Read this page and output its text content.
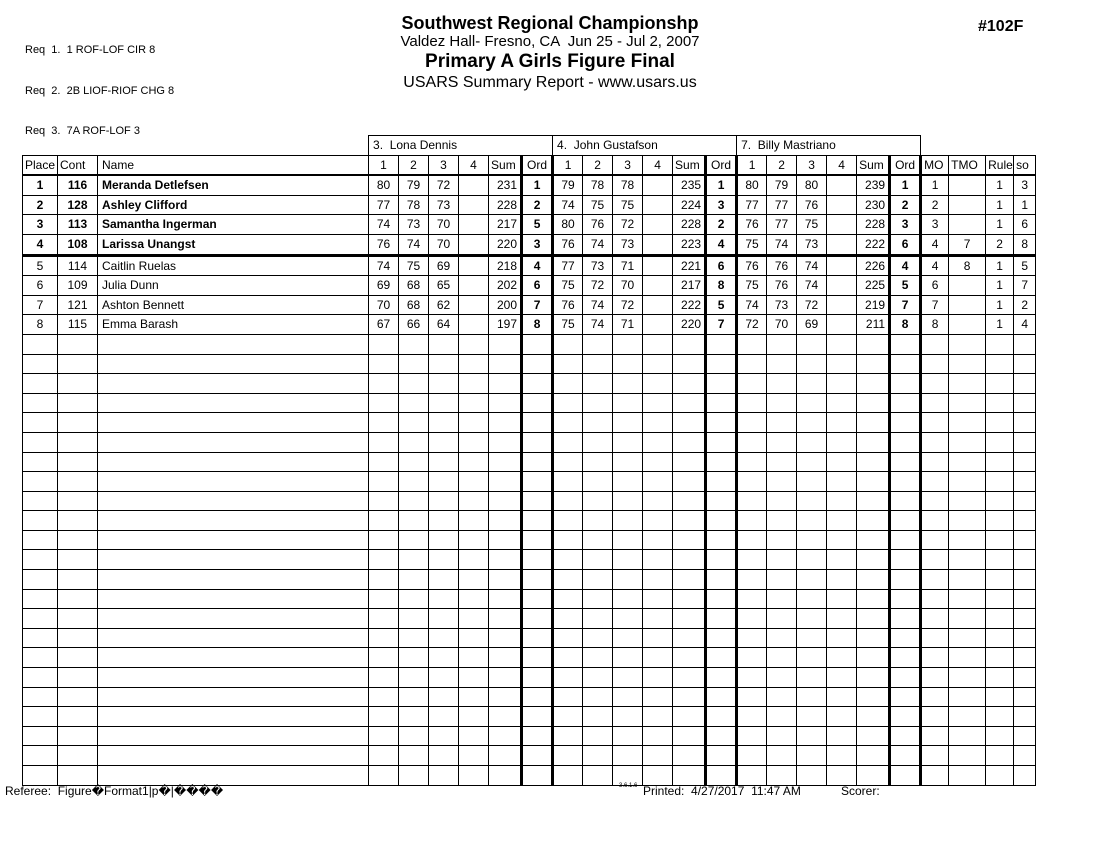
Req  1.  1 ROF-LOF CIR 8

Req  2.  2B LIOF-RIOF CHG 8

Req  3.  7A ROF-LOF 3

Southwest Regional Championshp
Valdez Hall- Fresno, CA  Jun 25 - Jul 2, 2007
Primary A Girls Figure Final
USARS Summary Report - www.usars.us
#102F
			3.  Lona Dennis						4.  John Gustafson						7.  Billy Mastriano									
Place	Cont	Name	1	2	3	4	Sum	Ord	1	2	3	4	Sum	Ord	1	2	3	4	Sum	Ord	MO	TMO	Rule	so
1	116	Meranda Detlefsen	80	79	72		231	1	79	78	78		235	1	80	79	80		239	1	1		1	3
2	128	Ashley Clifford	77	78	73		228	2	74	75	75		224	3	77	77	76		230	2	2		1	1
3	113	Samantha Ingerman	74	73	70		217	5	80	76	72		228	2	76	77	75		228	3	3		1	6
4	108	Larissa Unangst	76	74	70		220	3	76	74	73		223	4	75	74	73		222	6	4	7	2	8
5	114	Caitlin Ruelas	74	75	69		218	4	77	73	71		221	6	76	76	74		226	4	4	8	1	5
6	109	Julia Dunn	69	68	65		202	6	75	72	70		217	8	75	76	74		225	5	6		1	7
7	121	Ashton Bennett	70	68	62		200	7	76	74	72		222	5	74	73	72		219	7	7		1	2
8	115	Emma Barash	67	66	64		197	8	75	74	71		220	7	72	70	69		211	8	8		1	4

Referee:  Figure�Format1|p�|����	3.6.1.6 Printed:  4/27/2017  11:47 AM	Scorer:
